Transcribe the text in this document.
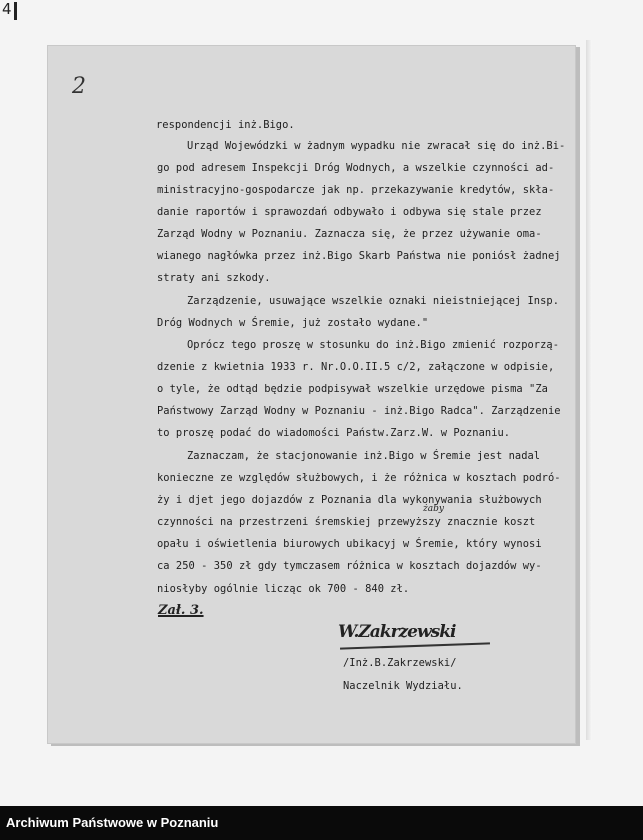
4
2
respondencji inż.Bigo.
Urząd Wojewódzki w żadnym wypadku nie zwracał się do inż.Bi-
go pod adresem Inspekcji Dróg Wodnych, a wszelkie czynności ad-
ministracyjno-gospodarcze jak np. przekazywanie kredytów, skła-
danie raportów i sprawozdań odbywało i odbywa się stale przez
Zarząd Wodny w Poznaniu. Zaznacza się, że przez używanie oma-
wianego nagłówka przez inż.Bigo Skarb Państwa nie poniósł żadnej
straty ani szkody.
Zarządzenie, usuwające wszelkie oznaki nieistniejącej Insp.
Dróg Wodnych w Śremie, już zostało wydane."
Oprócz tego proszę w stosunku do inż.Bigo zmienić rozporzą-
dzenie z kwietnia 1933 r. Nr.O.O.II.5 c/2, załączone w odpisie,
o tyle, że odtąd będzie podpisywał wszelkie urzędowe pisma "Za
Państwowy Zarząd Wodny w Poznaniu - inż.Bigo Radca". Zarządzenie
to proszę podać do wiadomości Państw.Zarz.W. w Poznaniu.
Zaznaczam, że stacjonowanie inż.Bigo w Śremie jest nadal
konieczne ze względów służbowych, i że różnica w kosztach podró-
ży i djet jego dojazdów z Poznania dla wykonywania służbowych
czynności na przestrzeni śremskiej przewyższy znacznie koszt
opału i oświetlenia biurowych ubikacyj w Śremie, który wynosi
ca 250 - 350 zł gdy tymczasem różnica w kosztach dojazdów wy-
niosłyby ogólnie licząc ok 700 - 840 zł.
żaby
Zał. 3.
W.Zakrzewski
/Inż.B.Zakrzewski/
Naczelnik Wydziału.
Archiwum Państwowe w Poznaniu
